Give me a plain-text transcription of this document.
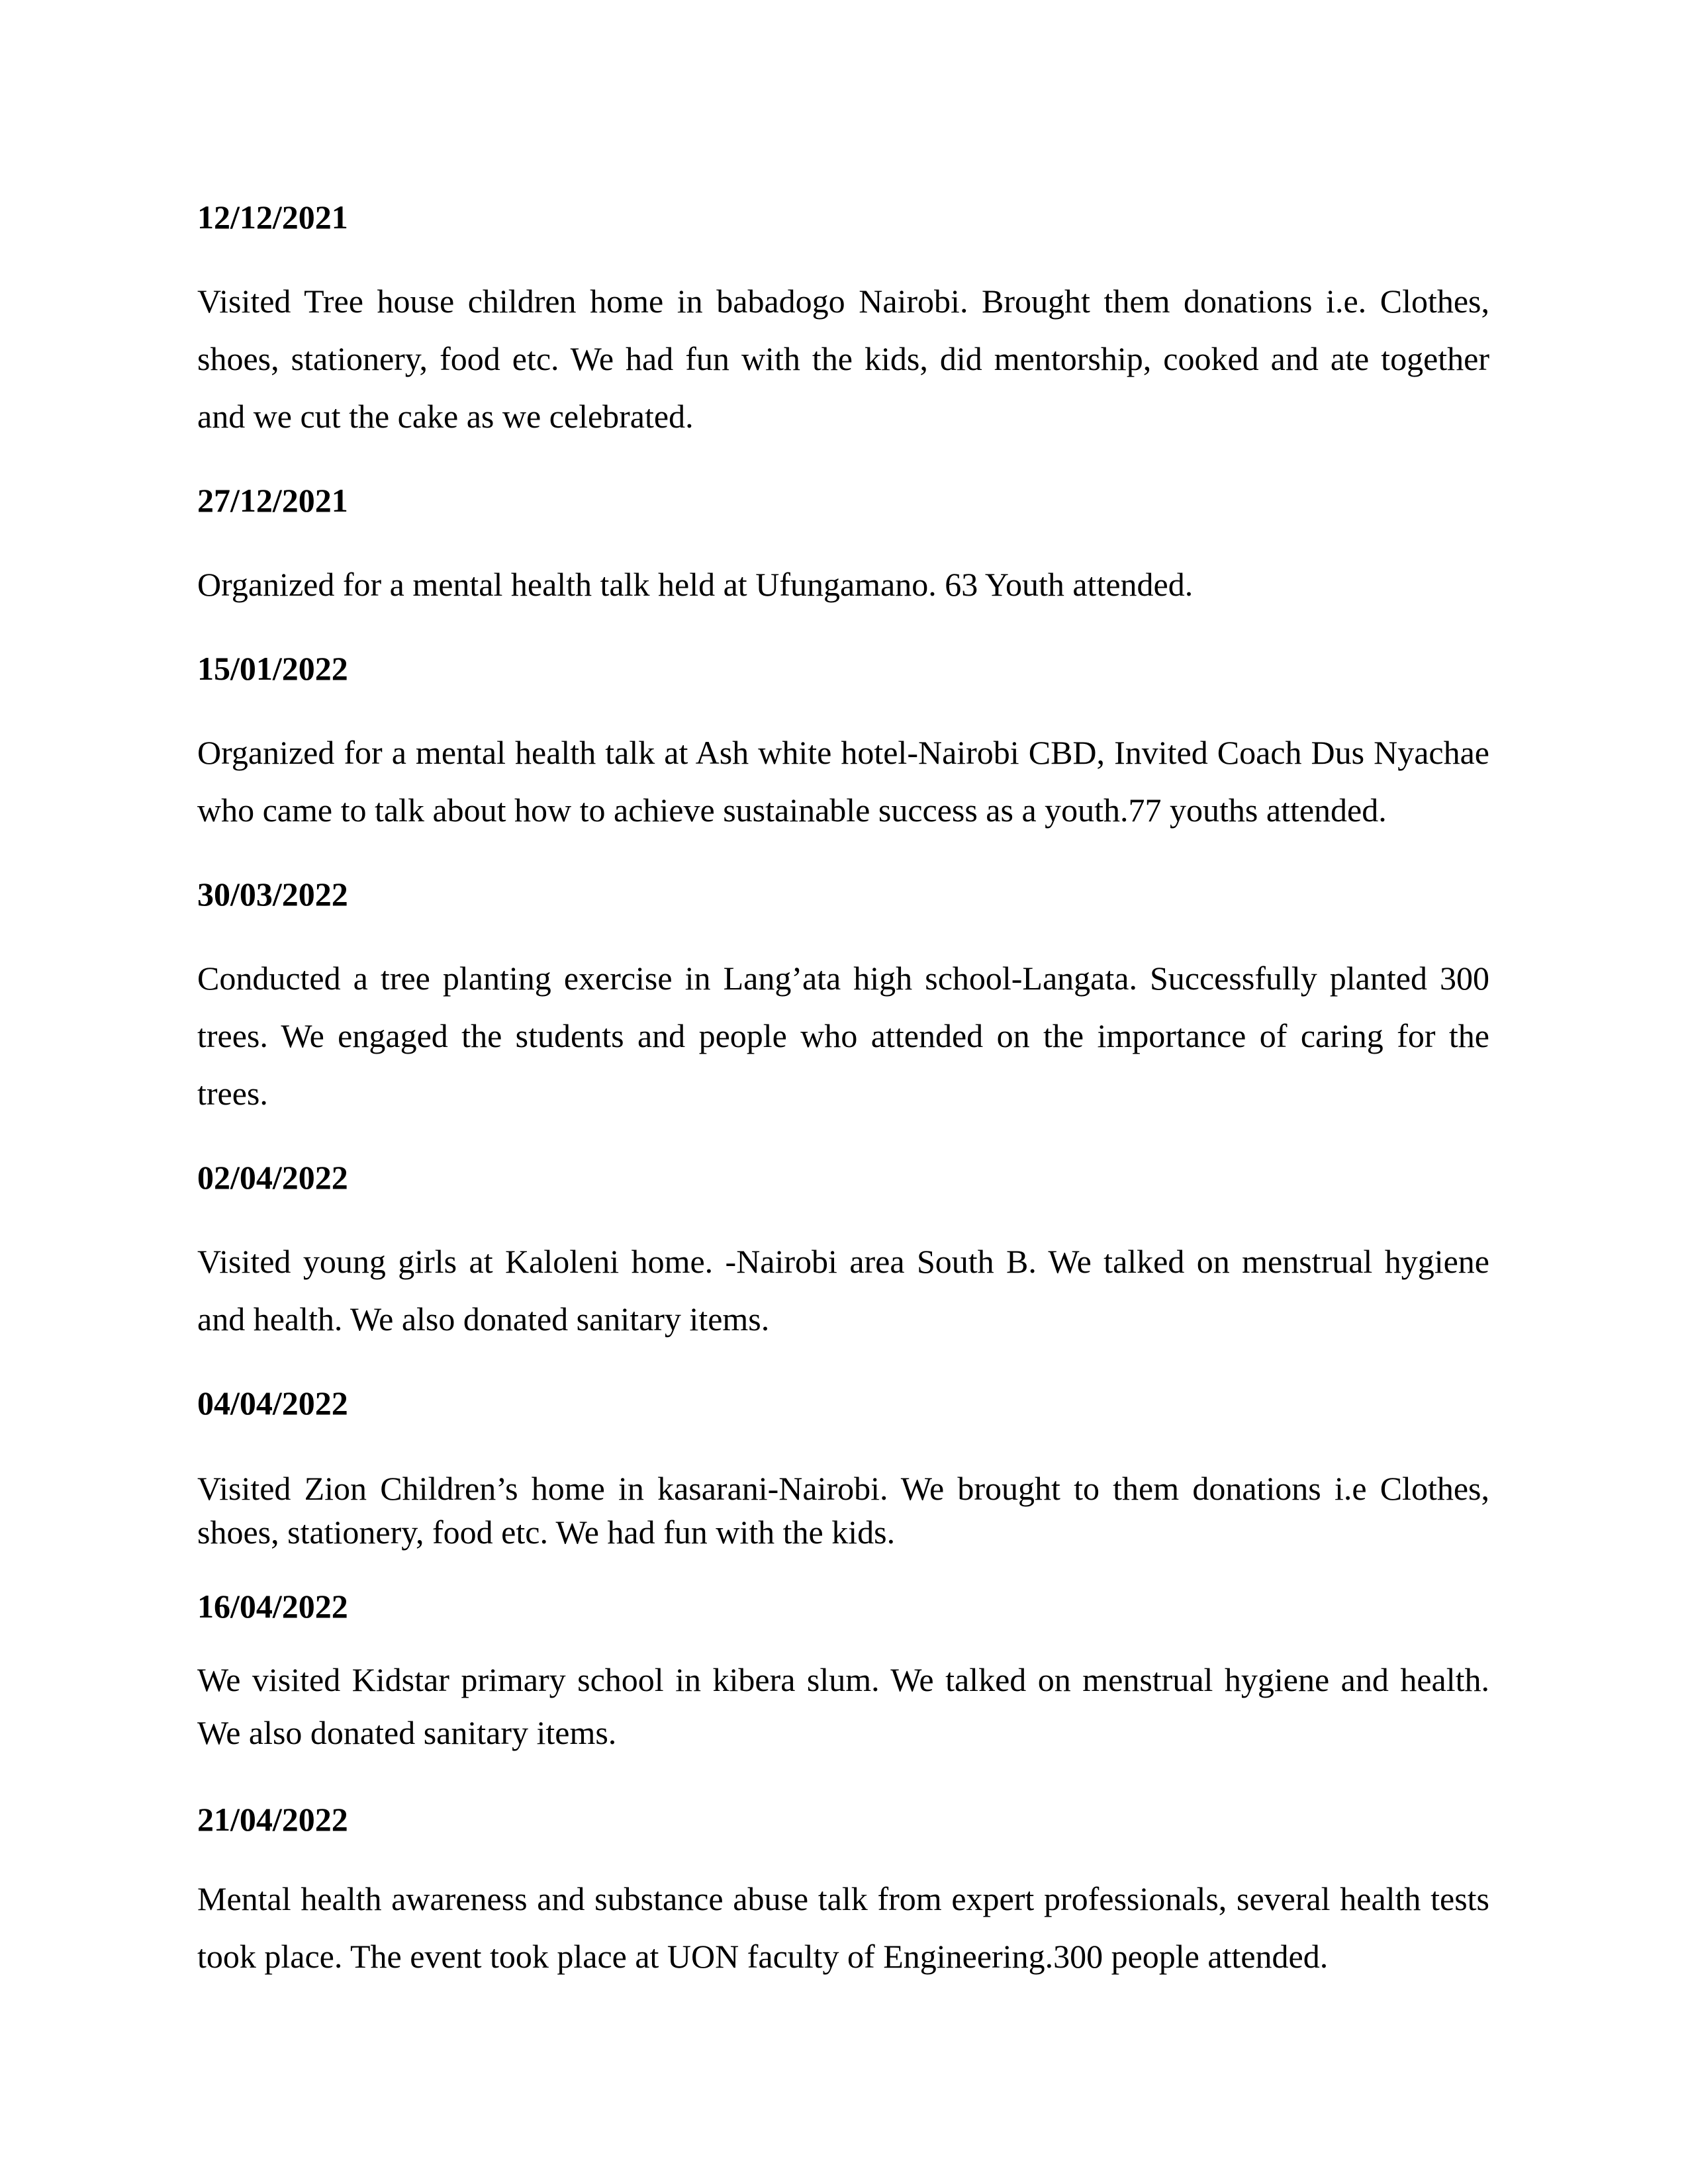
12/12/2021

Visited Tree house children home in babadogo Nairobi. Brought them donations i.e. Clothes, shoes, stationery, food etc. We had fun with the kids, did mentorship, cooked and ate together and we cut the cake as we celebrated.

27/12/2021

Organized for a mental health talk held at Ufungamano. 63 Youth attended.

15/01/2022

Organized for a mental health talk at Ash white hotel-Nairobi CBD, Invited Coach Dus Nyachae who came to talk about how to achieve sustainable success as a youth.77 youths attended.

30/03/2022

Conducted a tree planting exercise in Lang’ata high school-Langata. Successfully planted 300 trees. We engaged the students and people who attended on the importance of caring for the trees.

02/04/2022

Visited young girls at Kaloleni home. -Nairobi area South B. We talked on menstrual hygiene and health. We also donated sanitary items.

04/04/2022

Visited Zion Children’s home in kasarani-Nairobi. We brought to them donations i.e Clothes, shoes, stationery, food etc. We had fun with the kids.

16/04/2022

We visited Kidstar primary school in kibera slum. We talked on menstrual hygiene and health. We also donated sanitary items.

21/04/2022

Mental health awareness and substance abuse talk from expert professionals, several health tests took place. The event took place at UON faculty of Engineering.300 people attended.
